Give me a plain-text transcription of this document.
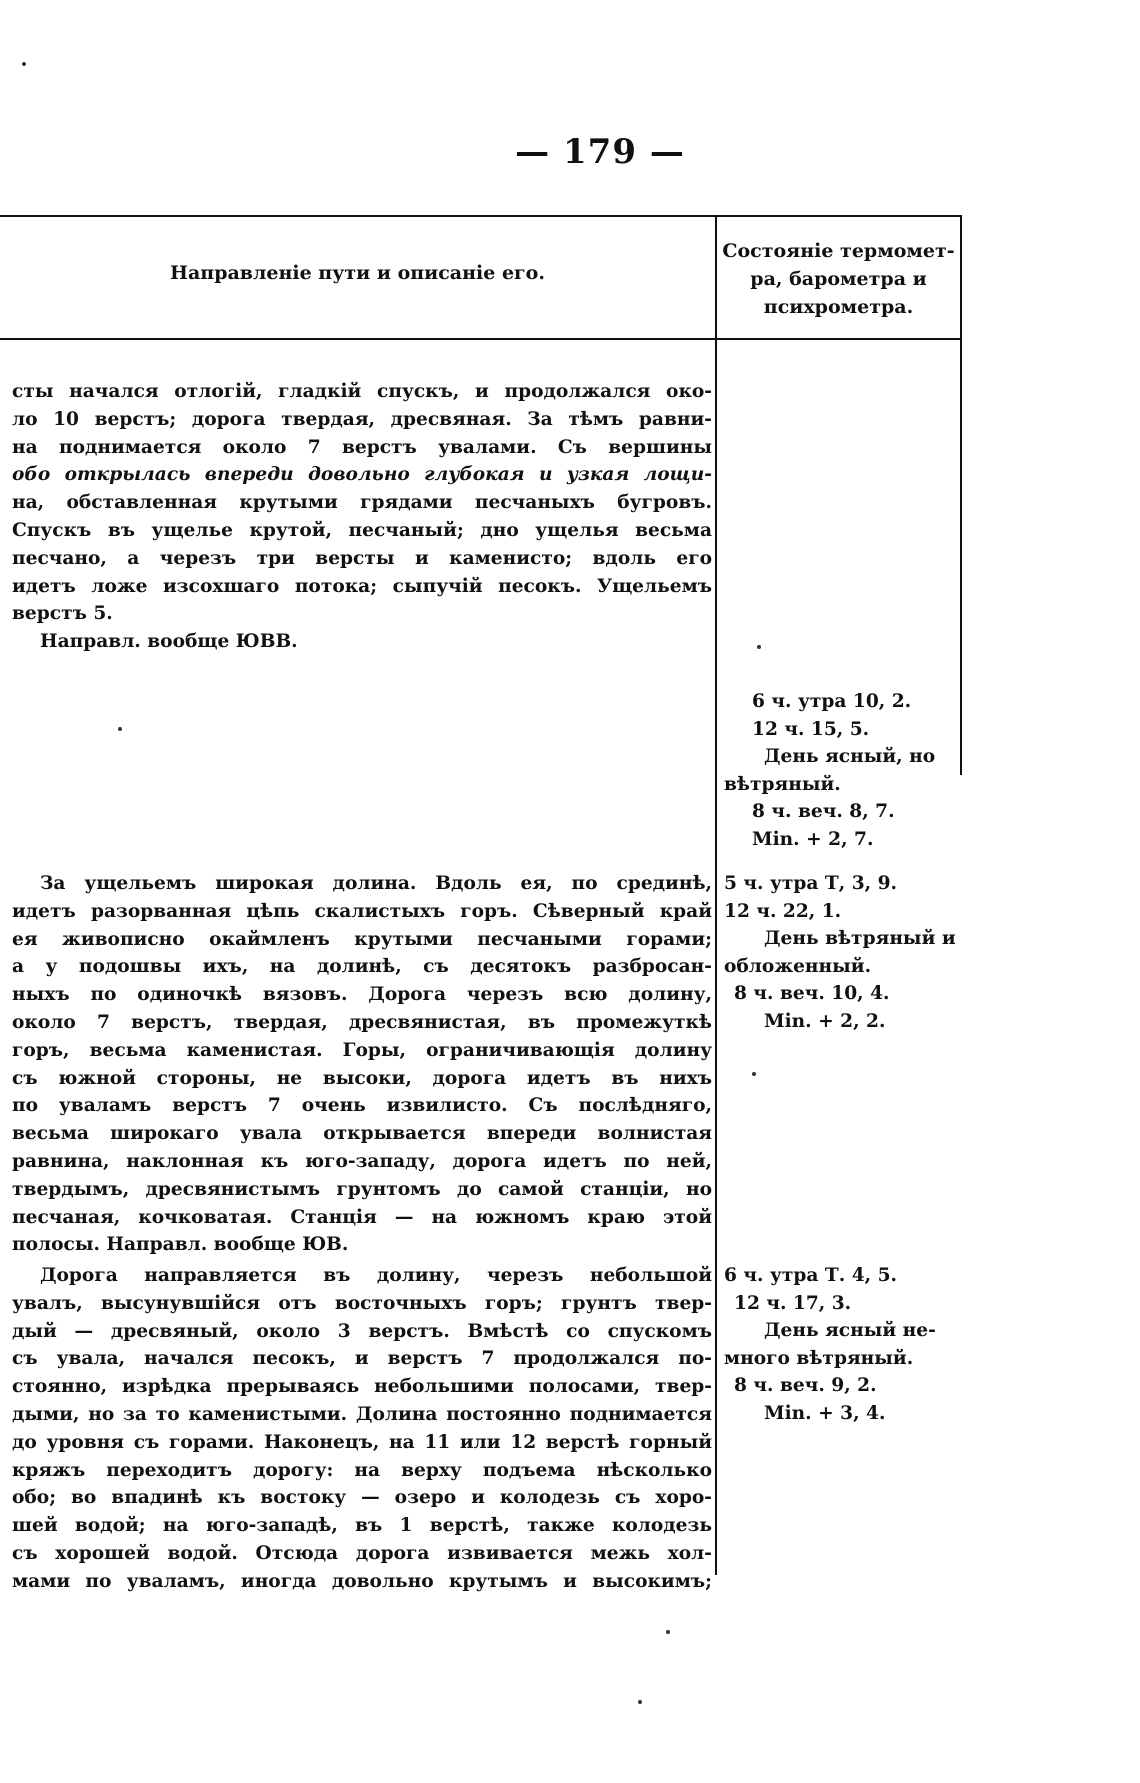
— 179 —
Направленіе пути и описаніе его.
Состояніе термомет-
ра, барометра и
психрометра.
сты начался отлогій, гладкій спускъ, и продолжался око-
ло 10 верстъ; дорога твердая, дресвяная. За тѣмъ равни-
на поднимается около 7 верстъ увалами. Съ вершины
обо открылась впереди довольно глубокая и узкая лощи-
на, обставленная крутыми грядами песчаныхъ бугровъ.
Спускъ въ ущелье крутой, песчаный; дно ущелья весьма
песчано, а черезъ три версты и каменисто; вдоль его
идетъ ложе изсохшаго потока; сыпучій песокъ. Ущельемъ
верстъ 5.
Направл. вообще ЮВВ.
6 ч. утра 10, 2.
12 ч. 15, 5.
День ясный, но
вѣтряный.
8 ч. веч. 8, 7.
Min. + 2, 7.
За ущельемъ широкая долина. Вдоль ея, по срединѣ,
идетъ разорванная цѣпь скалистыхъ горъ. Сѣверный край
ея живописно окаймленъ крутыми песчаными горами;
а у подошвы ихъ, на долинѣ, съ десятокъ разбросан-
ныхъ по одиночкѣ вязовъ. Дорога черезъ всю долину,
около 7 верстъ, твердая, дресвянистая, въ промежуткѣ
горъ, весьма каменистая. Горы, ограничивающія долину
съ южной стороны, не высоки, дорога идетъ въ нихъ
по уваламъ верстъ 7 очень извилисто. Съ послѣдняго,
весьма широкаго увала открывается впереди волнистая
равнина, наклонная къ юго-западу, дорога идетъ по ней,
твердымъ, дресвянистымъ грунтомъ до самой станціи, но
песчаная, кочковатая. Станція — на южномъ краю этой
полосы. Направл. вообще ЮВ.
5 ч. утра Т, 3, 9.
12 ч. 22, 1.
День вѣтряный и
обложенный.
8 ч. веч. 10, 4.
Min. + 2, 2.
Дорога направляется въ долину, черезъ небольшой
увалъ, высунувшійся отъ восточныхъ горъ; грунтъ твер-
дый — дресвяный, около 3 верстъ. Вмѣстѣ со спускомъ
съ увала, начался песокъ, и верстъ 7 продолжался по-
стоянно, изрѣдка прерываясь небольшими полосами, твер-
дыми, но за то каменистыми. Долина постоянно поднимается
до уровня съ горами. Наконецъ, на 11 или 12 верстѣ горный
кряжъ переходитъ дорогу: на верху подъема нѣсколько
обо; во впадинѣ къ востоку — озеро и колодезь съ хоро-
шей водой; на юго-западѣ, въ 1 верстѣ, также колодезь
съ хорошей водой. Отсюда дорога извивается межь хол-
мами по уваламъ, иногда довольно крутымъ и высокимъ;
6 ч. утра Т. 4, 5.
12 ч. 17, 3.
День ясный не-
много вѣтряный.
8 ч. веч. 9, 2.
Min. + 3, 4.
